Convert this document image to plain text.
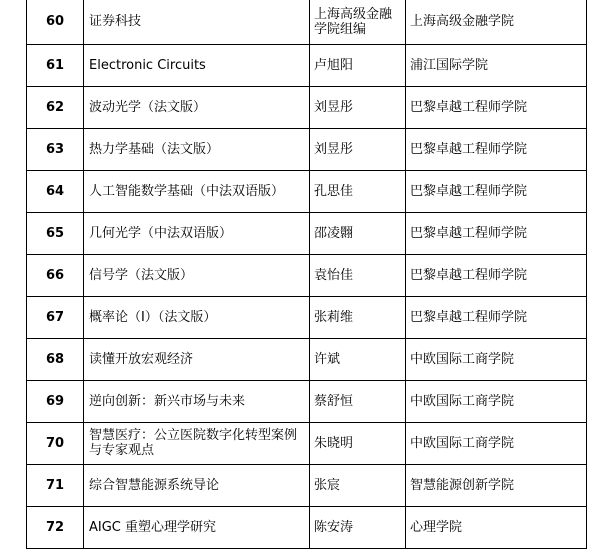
60	证券科技	上海高级金融学院组编	上海高级金融学院
61	Electronic Circuits	卢旭阳	浦江国际学院
62	波动光学（法文版）	刘昱彤	巴黎卓越工程师学院
63	热力学基础（法文版）	刘昱彤	巴黎卓越工程师学院
64	人工智能数学基础（中法双语版）	孔思佳	巴黎卓越工程师学院
65	几何光学（中法双语版）	邵凌翾	巴黎卓越工程师学院
66	信号学（法文版）	袁怡佳	巴黎卓越工程师学院
67	概率论（Ⅰ）（法文版）	张莉维	巴黎卓越工程师学院
68	读懂开放宏观经济	许斌	中欧国际工商学院
69	逆向创新：新兴市场与未来	蔡舒恒	中欧国际工商学院
70	智慧医疗：公立医院数字化转型案例与专家观点	朱晓明	中欧国际工商学院
71	综合智慧能源系统导论	张宸	智慧能源创新学院
72	AIGC 重塑心理学研究	陈安涛	心理学院
